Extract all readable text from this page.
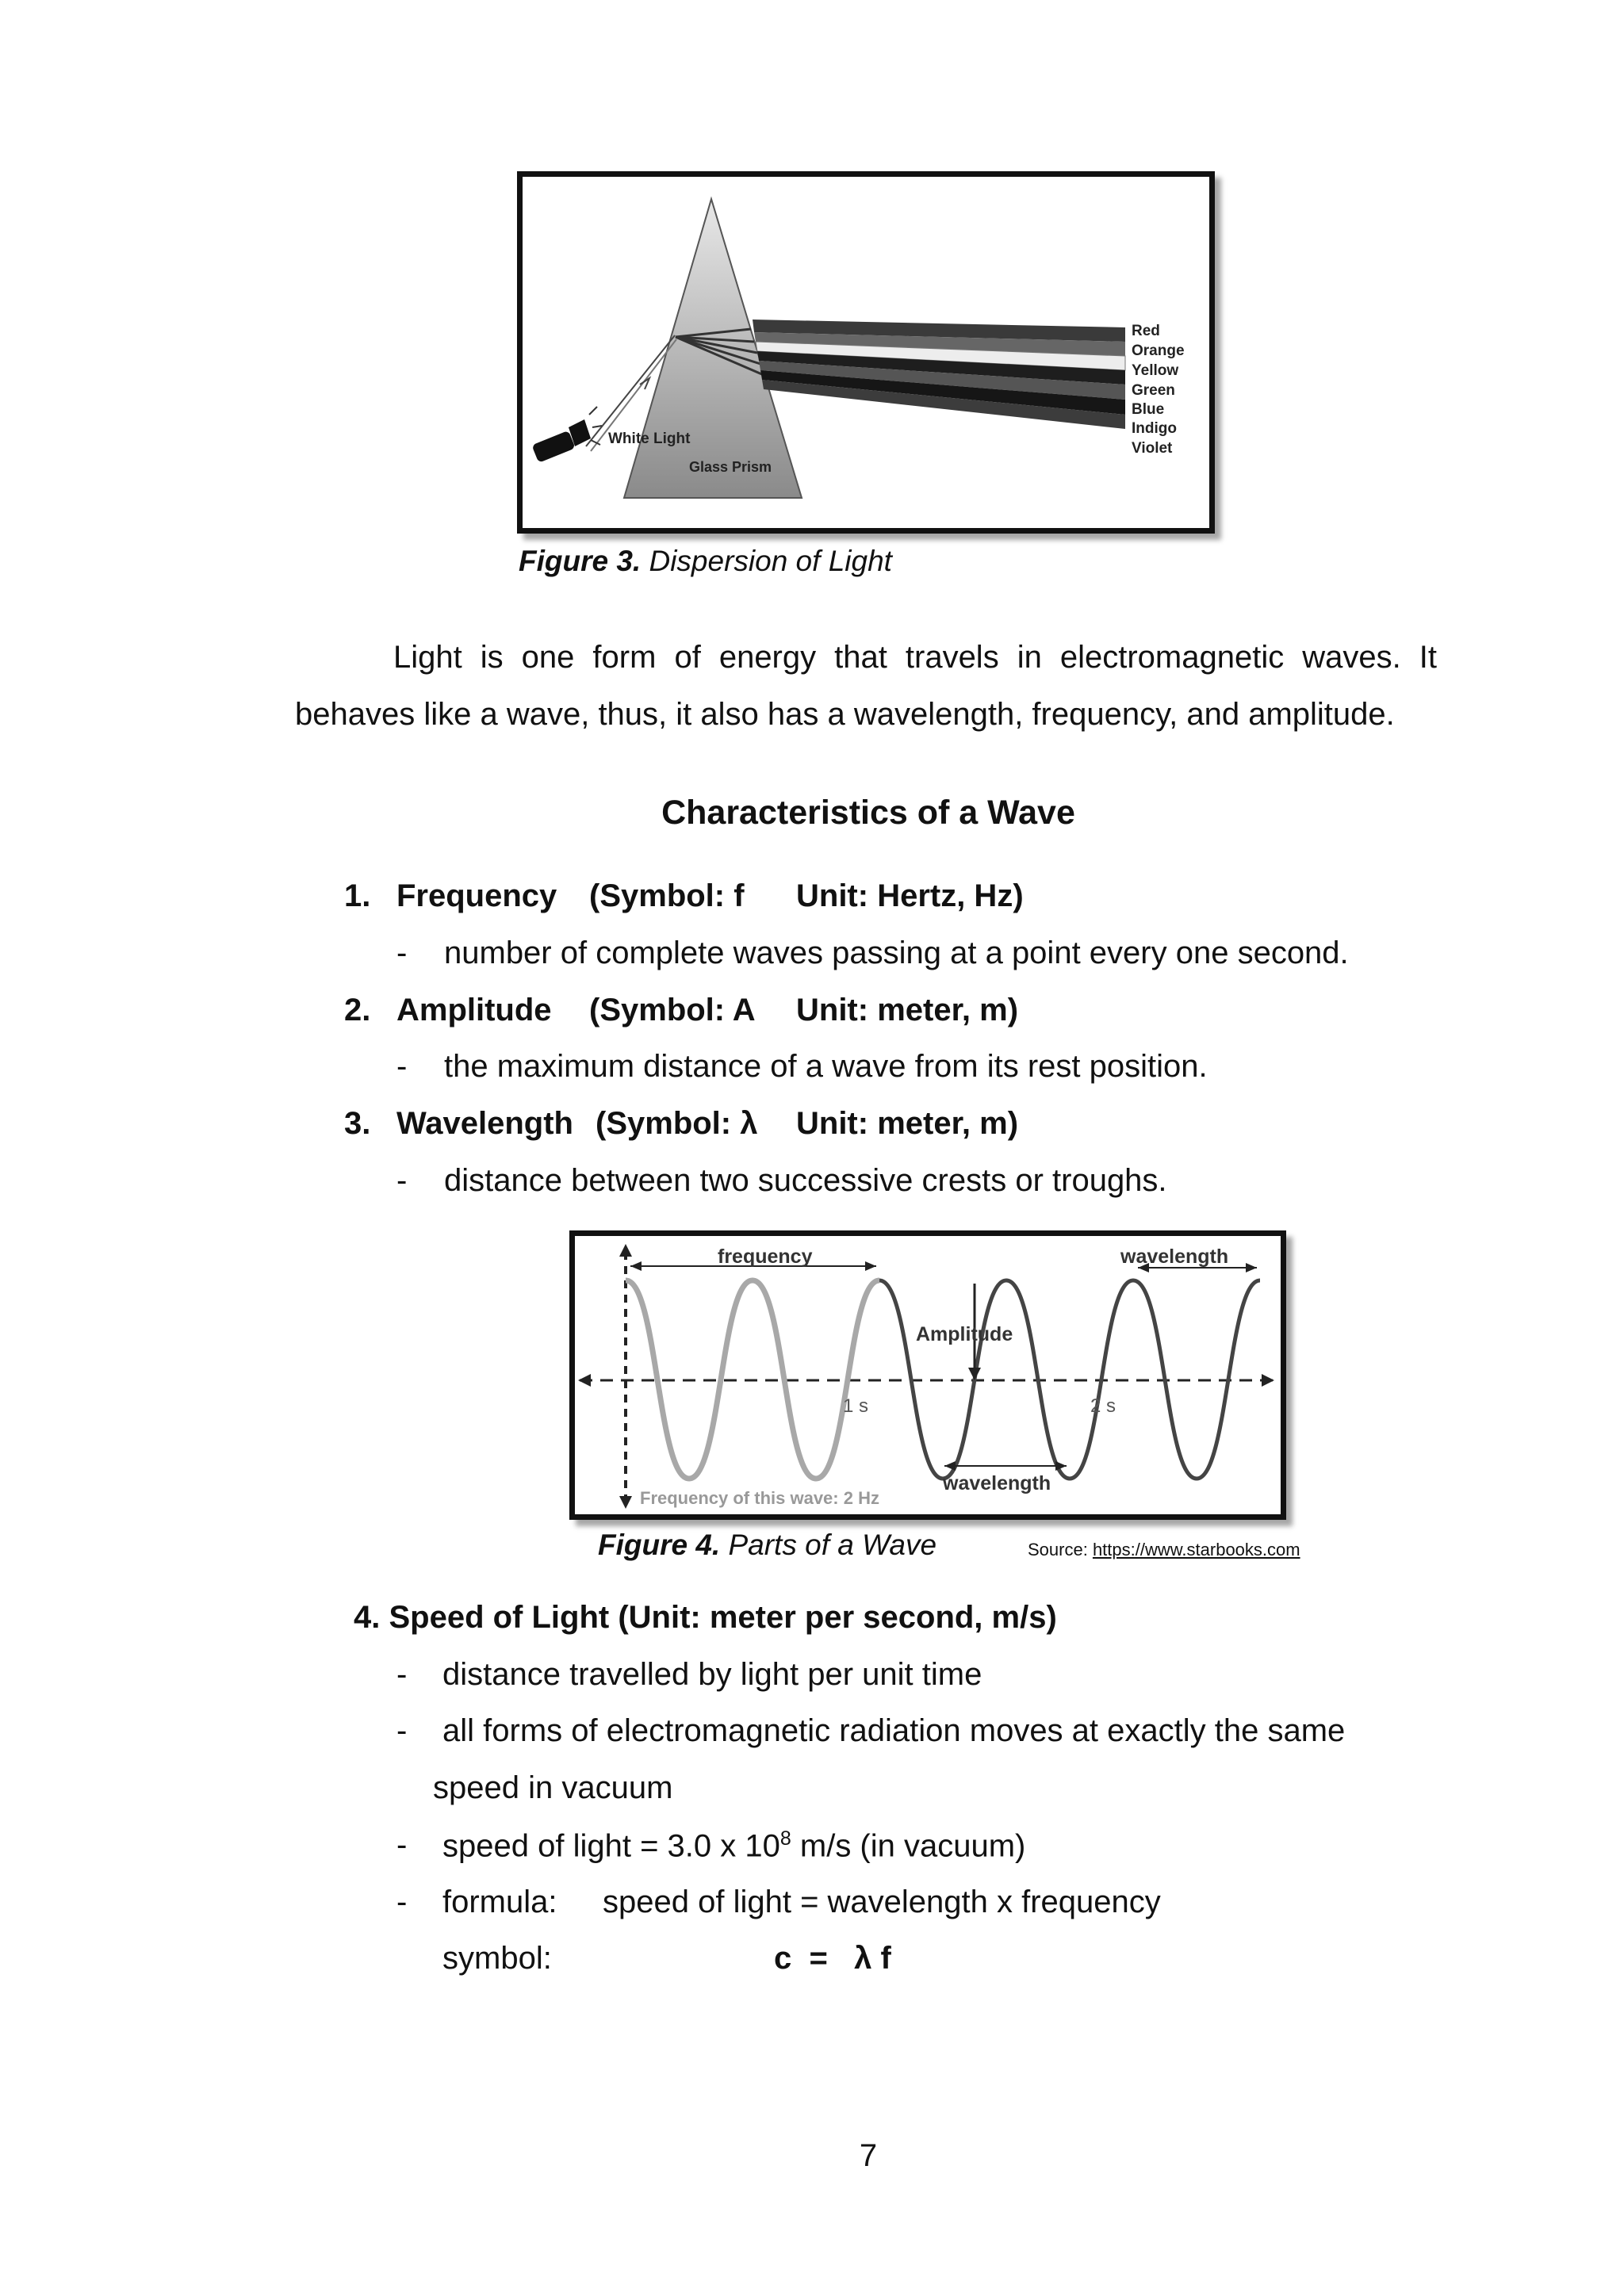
Red
Orange
Yellow
Green
Blue
Indigo
Violet
White Light
Glass Prism
Figure 3. Dispersion of Light
Light is one form of energy that travels in electromagnetic waves. It
behaves like a wave, thus, it also has a wavelength, frequency, and amplitude.
Characteristics of a Wave
1. Frequency (Symbol: f Unit: Hertz, Hz)
- number of complete waves passing at a point every one second.
2. Amplitude (Symbol: A Unit: meter, m)
- the maximum distance of a wave from its rest position.
3. Wavelength (Symbol: λ Unit: meter, m)
- distance between two successive crests or troughs.
frequency	wavelength
Amplitude
1 s	2 s
wavelength
Frequency of this wave: 2 Hz
Figure 4. Parts of a Wave	Source: https://www.starbooks.com
4. Speed of Light (Unit: meter per second, m/s)
- distance travelled by light per unit time
- all forms of electromagnetic radiation moves at exactly the same
speed in vacuum
- speed of light = 3.0 x $10^8$ m/s (in vacuum)
- formula: speed of light = wavelength x frequency
symbol:	c  =   λ f
7
